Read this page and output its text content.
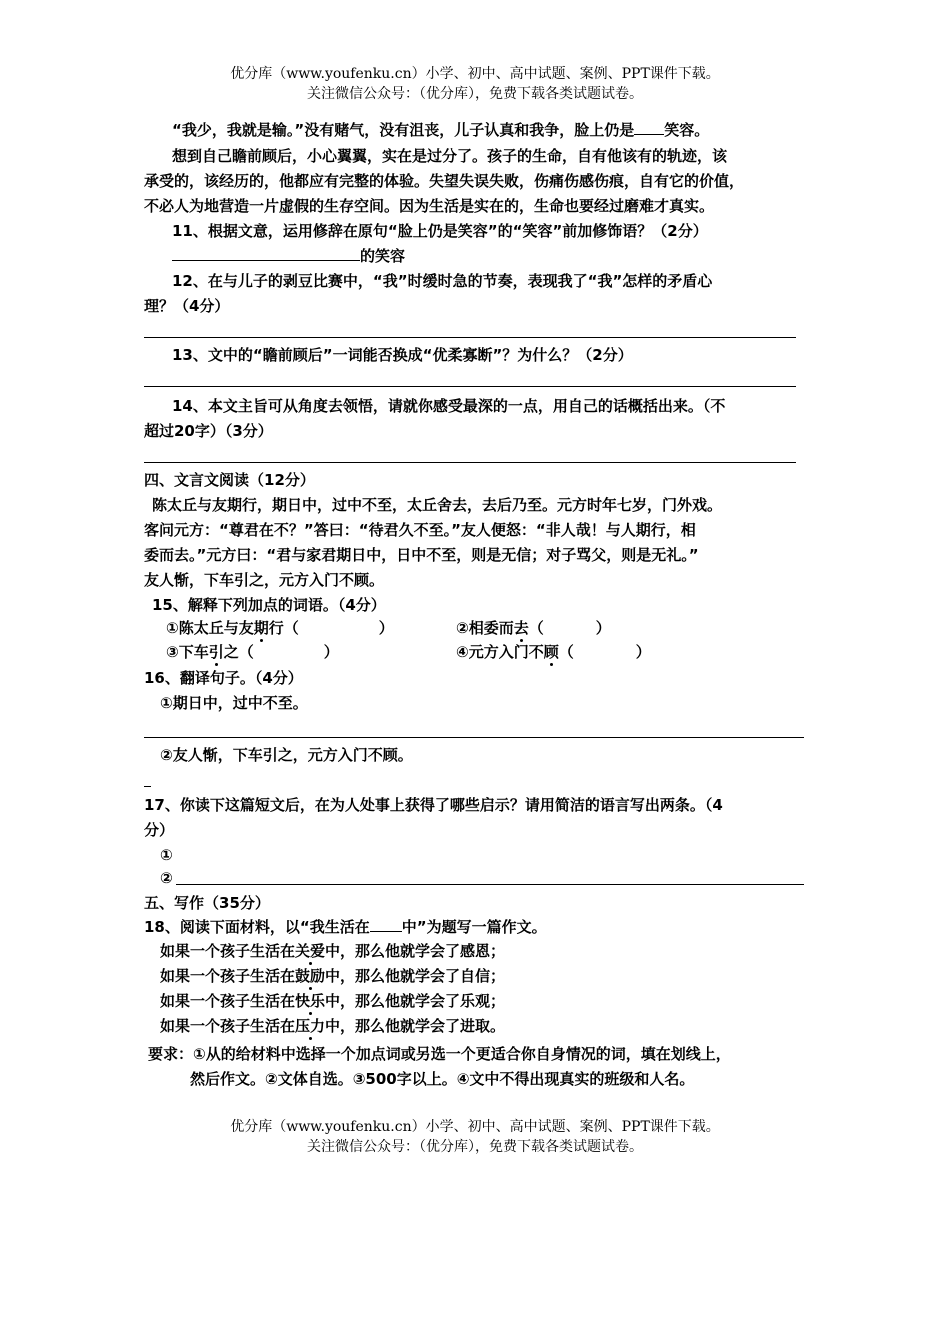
优分库（www.youfenku.cn）小学、初中、高中试题、案例、PPT课件下载。
关注微信公众号：（优分库），免费下载各类试题试卷。
“我少，我就是输。”没有赌气，没有沮丧，儿子认真和我争，脸上仍是 笑容。
想到自己瞻前顾后，小心翼翼，实在是过分了。孩子的生命，自有他该有的轨迹，该
承受的，该经历的，他都应有完整的体验。失望失误失败，伤痛伤感伤痕，自有它的价值，
不必人为地营造一片虚假的生存空间。因为生活是实在的，生命也要经过磨难才真实。
11、根据文意，运用修辞在原句“脸上仍是笑容”的“笑容”前加修饰语？（2分）
的笑容
12、在与儿子的剥豆比赛中，“我”时缓时急的节奏，表现我了“我”怎样的矛盾心
理？（4分）
13、文中的“瞻前顾后”一词能否换成“优柔寡断”？为什么？（2分）
14、本文主旨可从角度去领悟，请就你感受最深的一点，用自己的话概括出来。（不
超过20字）（3分）
四、文言文阅读（12分）
陈太丘与友期行，期日中，过中不至，太丘舍去，去后乃至。元方时年七岁，门外戏。
客问元方：“尊君在不？”答曰：“待君久不至。”友人便怒：“非人哉！与人期行，相
委而去。”元方曰：“君与家君期日中，日中不至，则是无信；对子骂父，则是无礼。”
友人惭，下车引之，元方入门不顾。
15、解释下列加点的词语。（4分）
①陈太丘与友期行（	）	②相委而去（	）
③下车引之（	）	④元方入门不顾（	）
16、翻译句子。（4分）
①期日中，过中不至。
②友人惭，下车引之，元方入门不顾。
17、你读下这篇短文后，在为人处事上获得了哪些启示？请用简洁的语言写出两条。（4
分）
①
②
五、写作（35分）
18、阅读下面材料，以“我生活在 中”为题写一篇作文。
如果一个孩子生活在关爱中，那么他就学会了感恩；
如果一个孩子生活在鼓励中，那么他就学会了自信；
如果一个孩子生活在快乐中，那么他就学会了乐观；
如果一个孩子生活在压力中，那么他就学会了进取。
要求：①从的给材料中选择一个加点词或另选一个更适合你自身情况的词，填在划线上，
然后作文。②文体自选。③500字以上。④文中不得出现真实的班级和人名。
优分库（www.youfenku.cn）小学、初中、高中试题、案例、PPT课件下载。
关注微信公众号：（优分库），免费下载各类试题试卷。
